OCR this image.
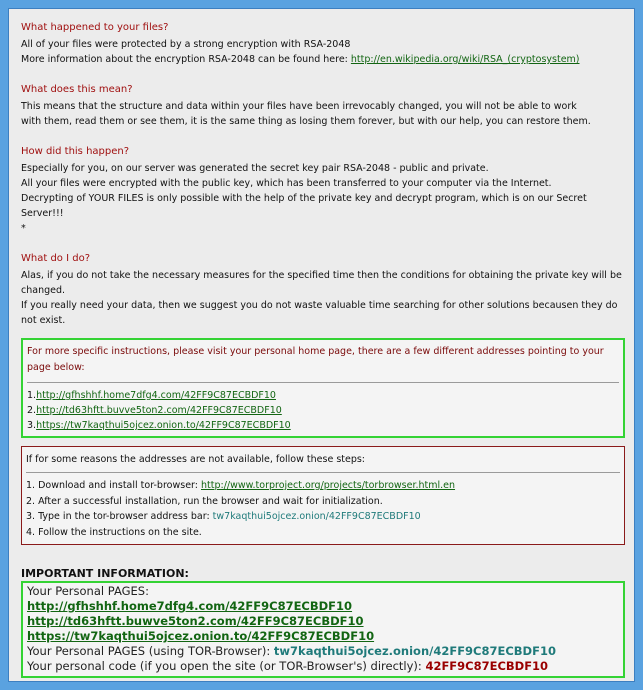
What happened to your files?
All of your files were protected by a strong encryption with RSA-2048
More information about the encryption RSA-2048 can be found here: http://en.wikipedia.org/wiki/RSA_(cryptosystem)
What does this mean?
This means that the structure and data within your files have been irrevocably changed, you will not be able to work
with them, read them or see them, it is the same thing as losing them forever, but with our help, you can restore them.
How did this happen?
Especially for you, on our server was generated the secret key pair RSA-2048 - public and private.
All your files were encrypted with the public key, which has been transferred to your computer via the Internet.
Decrypting of YOUR FILES is only possible with the help of the private key and decrypt program, which is on our Secret Server!!!
*
What do I do?
Alas, if you do not take the necessary measures for the specified time then the conditions for obtaining the private key will be changed.
If you really need your data, then we suggest you do not waste valuable time searching for other solutions becausen they do not exist.
For more specific instructions, please visit your personal home page, there are a few different addresses pointing to your page below:
1.http://gfhshhf.home7dfg4.com/42FF9C87ECBDF10
2.http://td63hftt.buvve5ton2.com/42FF9C87ECBDF10
3.https://tw7kaqthui5ojcez.onion.to/42FF9C87ECBDF10
If for some reasons the addresses are not available, follow these steps:
1. Download and install tor-browser: http://www.torproject.org/projects/torbrowser.html.en
2. After a successful installation, run the browser and wait for initialization.
3. Type in the tor-browser address bar: tw7kaqthui5ojcez.onion/42FF9C87ECBDF10
4. Follow the instructions on the site.
IMPORTANT INFORMATION:
Your Personal PAGES:
http://gfhshhf.home7dfg4.com/42FF9C87ECBDF10
http://td63hftt.buwve5ton2.com/42FF9C87ECBDF10
https://tw7kaqthui5ojcez.onion.to/42FF9C87ECBDF10
Your Personal PAGES (using TOR-Browser): tw7kaqthui5ojcez.onion/42FF9C87ECBDF10
Your personal code (if you open the site (or TOR-Browser's) directly): 42FF9C87ECBDF10
